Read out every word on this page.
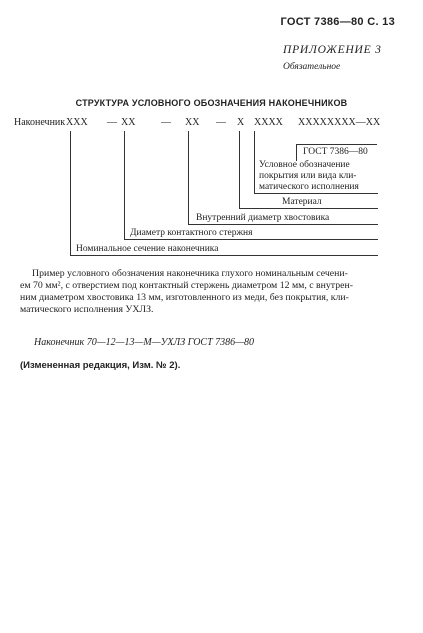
ГОСТ 7386—80 С. 13
ПРИЛОЖЕНИЕ 3
Обязательное
СТРУКТУРА УСЛОВНОГО ОБОЗНАЧЕНИЯ НАКОНЕЧНИКОВ
Наконечник ХХХ — ХХ	— ХХ — Х ХХХХ ХХХХХХХХ—ХХ
ГОСТ 7386—80
Условное обозначение
покрытия или вида кли-
матического исполнения
Материал
Внутренний диаметр хвостовика
Диаметр контактного стержня
Номинальное сечение наконечника
Пример условного обозначения наконечника глухого номинальным сечени-
ем 70 мм², с отверстием под контактный стержень диаметром 12 мм, с внутрен-
ним диаметром хвостовика 13 мм, изготовленного из меди, без покрытия, кли-
матического исполнения УХЛЗ.
Наконечник 70—12—13—М—УХЛЗ ГОСТ 7386—80
(Измененная редакция, Изм. № 2).
